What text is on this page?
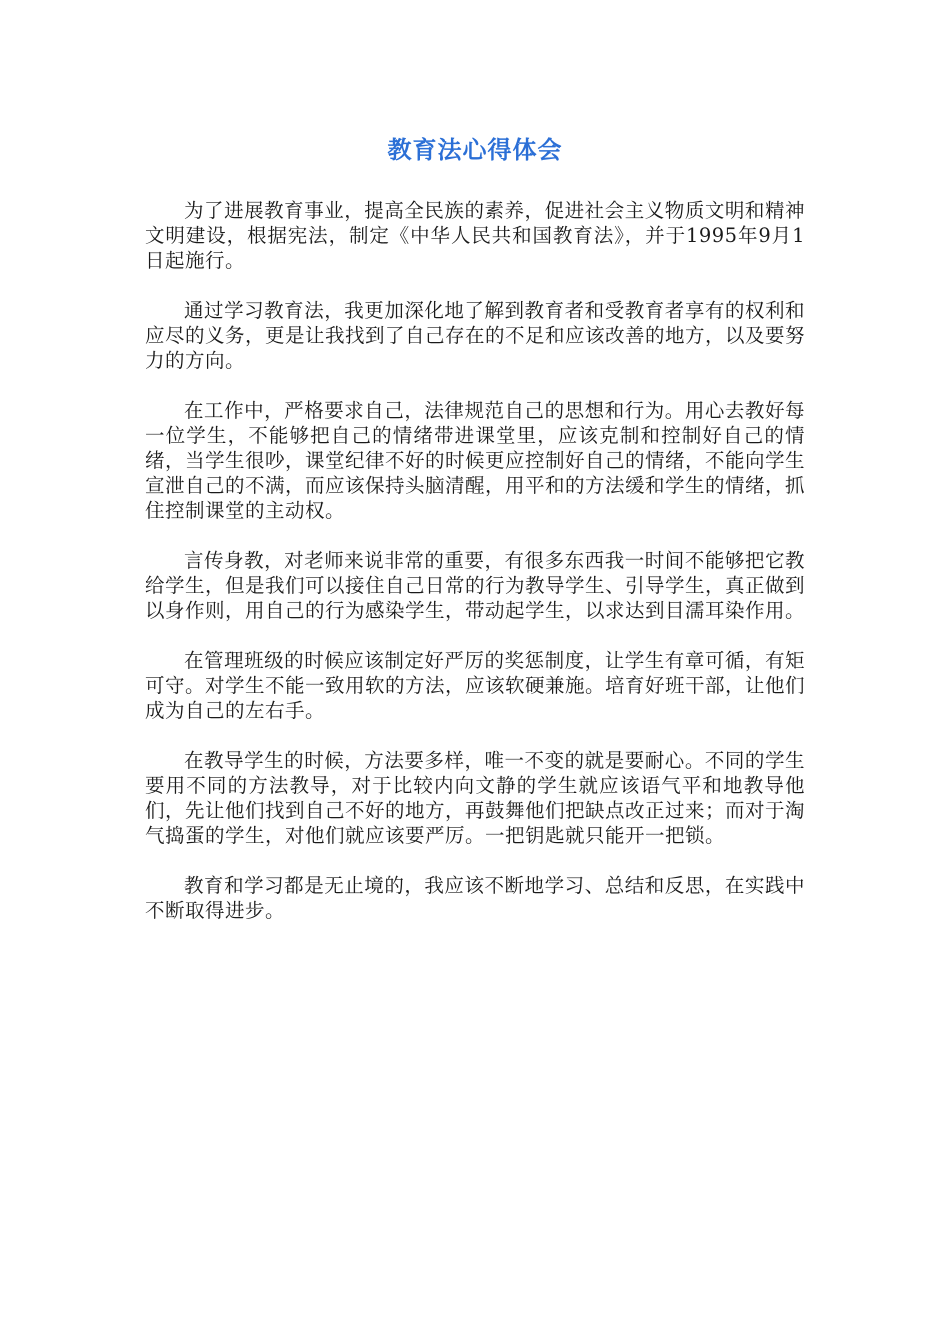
教育法心得体会

为了进展教育事业，提高全民族的素养，促进社会主义物质文明和精神文明建设，根据宪法，制定《中华人民共和国教育法》，并于1995年9月1日起施行。

通过学习教育法，我更加深化地了解到教育者和受教育者享有的权利和应尽的义务，更是让我找到了自己存在的不足和应该改善的地方，以及要努力的方向。

在工作中，严格要求自己，法律规范自己的思想和行为。用心去教好每一位学生，不能够把自己的情绪带进课堂里，应该克制和控制好自己的情绪，当学生很吵，课堂纪律不好的时候更应控制好自己的情绪，不能向学生宣泄自己的不满，而应该保持头脑清醒，用平和的方法缓和学生的情绪，抓住控制课堂的主动权。

言传身教，对老师来说非常的重要，有很多东西我一时间不能够把它教给学生，但是我们可以接住自己日常的行为教导学生、引导学生，真正做到以身作则，用自己的行为感染学生，带动起学生，以求达到目濡耳染作用。

在管理班级的时候应该制定好严厉的奖惩制度，让学生有章可循，有矩可守。对学生不能一致用软的方法，应该软硬兼施。培育好班干部，让他们成为自己的左右手。

在教导学生的时候，方法要多样，唯一不变的就是要耐心。不同的学生要用不同的方法教导，对于比较内向文静的学生就应该语气平和地教导他们，先让他们找到自己不好的地方，再鼓舞他们把缺点改正过来；而对于淘气捣蛋的学生，对他们就应该要严厉。一把钥匙就只能开一把锁。

教育和学习都是无止境的，我应该不断地学习、总结和反思，在实践中不断取得进步。
